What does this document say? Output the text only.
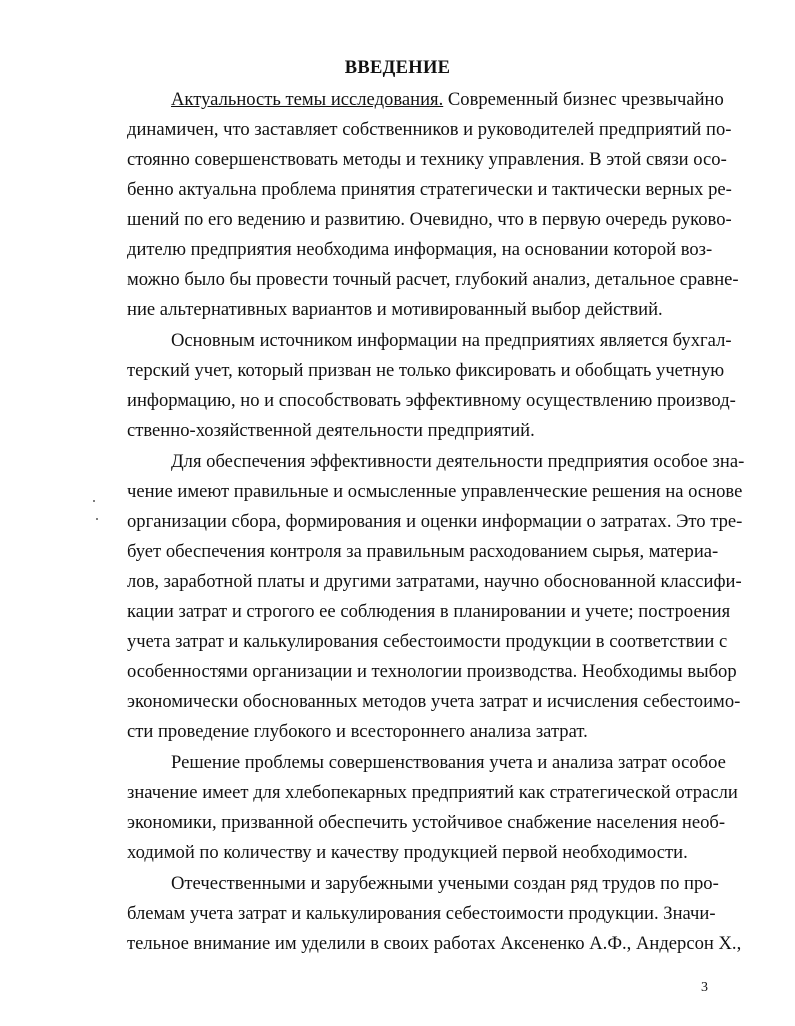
ВВЕДЕНИЕ

Актуальность темы исследования. Современный бизнес чрезвычайно

динамичен, что заставляет собственников и руководителей предприятий по-

стоянно совершенствовать методы и технику управления. В этой связи осо-

бенно актуальна проблема принятия стратегически и тактически верных ре-

шений по его ведению и развитию. Очевидно, что в первую очередь руково-

дителю предприятия необходима информация, на основании которой воз-

можно было бы провести точный расчет, глубокий анализ, детальное сравне-

ние альтернативных вариантов и мотивированный выбор действий.

Основным источником информации на предприятиях является бухгал-

терский учет, который призван не только фиксировать и обобщать учетную

информацию, но и способствовать эффективному осуществлению производ-

ственно-хозяйственной деятельности предприятий.

Для обеспечения эффективности деятельности предприятия особое зна-

чение имеют правильные и осмысленные управленческие решения на основе

организации сбора, формирования и оценки информации о затратах. Это тре-

бует обеспечения контроля за правильным расходованием сырья, материа-

лов, заработной платы и другими затратами, научно обоснованной классифи-

кации затрат и строгого ее соблюдения в планировании и учете; построения

учета затрат и калькулирования себестоимости продукции в соответствии с

особенностями организации и технологии производства. Необходимы выбор

экономически обоснованных методов учета затрат и исчисления себестоимо-

сти проведение глубокого и всестороннего анализа затрат.

Решение проблемы совершенствования учета и анализа затрат особое

значение имеет для хлебопекарных предприятий как стратегической отрасли

экономики, призванной обеспечить устойчивое снабжение населения необ-

ходимой по количеству и качеству продукцией первой необходимости.

Отечественными и зарубежными учеными создан ряд трудов по про-

блемам учета затрат и калькулирования себестоимости продукции. Значи-

тельное внимание им уделили в своих работах Аксененко А.Ф., Андерсон Х.,

3
